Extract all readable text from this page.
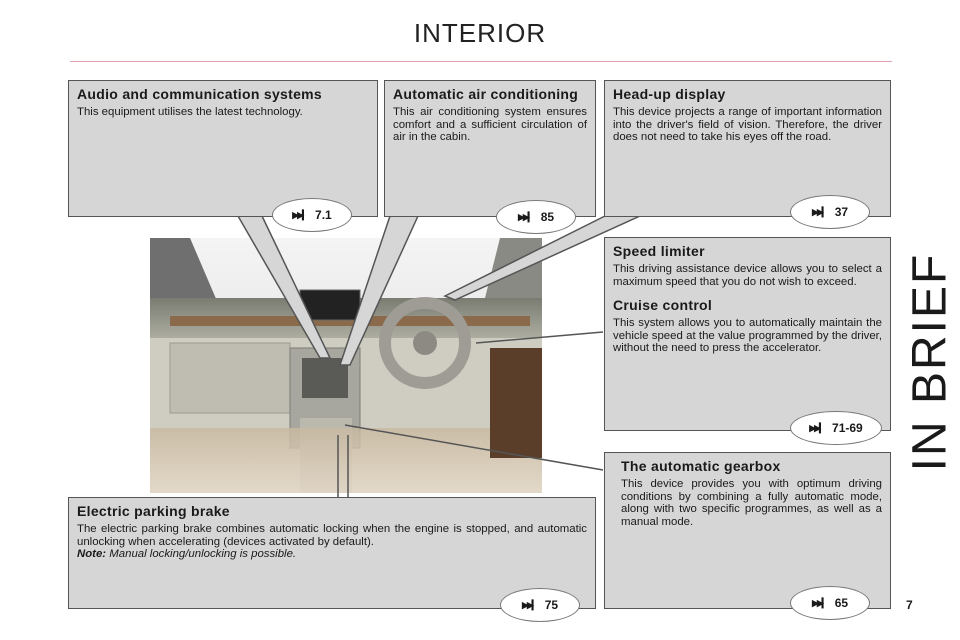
INTERIOR
IN BRIEF
7
Audio and communication systems

This equipment utilises the latest technology.

▶▶▎ 7.1
Automatic air conditioning

This air conditioning system ensures comfort and a sufficient circulation of air in the cabin.

▶▶▎ 85
Head-up display

This device projects a range of important information into the driver's field of vision. Therefore, the driver does not need to take his eyes off the road.

▶▶▎ 37
Speed limiter

This driving assistance device allows you to select a maximum speed that you do not wish to exceed.

Cruise control

This system allows you to automatically maintain the vehicle speed at the value programmed by the driver, without the need to press the accelerator.

▶▶▎ 71-69
The automatic gearbox

This device provides you with optimum driving conditions by combining a fully automatic mode, along with two specific programmes, as well as a manual mode.

▶▶▎ 65
Electric parking brake

The electric parking brake combines automatic locking when the engine is stopped, and automatic unlocking when accelerating (devices activated by default).

Note: Manual locking/unlocking is possible.

▶▶▎ 75
